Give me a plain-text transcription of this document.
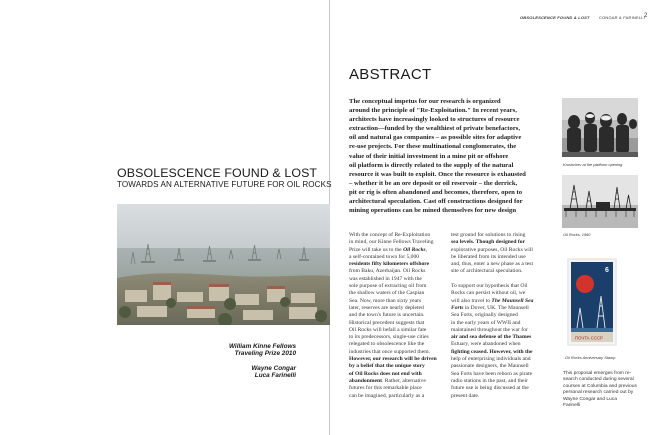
OBSOLESCENCE FOUND & LOST CONGAR & FARINELLI
2
OBSOLESCENCE FOUND & LOST
TOWARDS AN ALTERNATIVE FUTURE FOR OIL ROCKS
William Kinne Fellows
Traveling Prize 2010
Wayne Congar
Luca Farinelli
ABSTRACT
The conceptual impetus for our research is organized
around the principle of "Re-Exploitation." In recent years,
architects have increasingly looked to structures of resource
extraction—funded by the wealthiest of private benefactors,
oil and natural gas companies – as possible sites for adaptive
re-use projects. For these multinational conglomerates, the
value of their initial investment in a mine pit or offshore
oil platform is directly related to the supply of the natural
resource it was built to exploit. Once the resource is exhausted
– whether it be an ore deposit or oil reservoir – the derrick,
pit or rig is often abandoned and becomes, therefore, open to
architectural speculation. Cast off constructions designed for
mining operations can be mined themselves for new design
With the concept of Re-Exploitation
in mind, our Kinne Fellows Traveling
Prize will take us to the Oil Rocks,
a self-contained town for 5,000
residents fifty kilometers offshore
from Baku, Azerbaijan. Oil Rocks
was established in 1947 with the
sole purpose of extracting oil from
the shallow waters of the Caspian
Sea. Now, more than sixty years
later, reserves are nearly depleted
and the town's future is uncertain.
Historical precedent suggests that
Oil Rocks will befall a similar fate
to its predecessors, single-use cities
relegated to obsolescence like the
industries that once supported them.
However, our research will be driven
by a belief that the unique story
of Oil Rocks does not end with
abandonment. Rather, alternative
futures for this remarkable place
can be imagined, particularly as a
test ground for solutions to rising
sea levels. Though designed for
explorative purposes, Oil Rocks will
be liberated from its intended use
and, thus, enter a new phase as a test
site of architectural speculation.
To support our hypothesis that Oil
Rocks can persist without oil, we
will also travel to The Maunsell Sea
Forts in Dover, UK. The Maunsell
Sea Forts, originally designed
in the early years of WWII and
maintained throughout the war for
air and sea defense of the Thames
Estuary, were abandoned when
fighting ceased. However, with the
help of enterprising individuals and
passionate designers, the Maunsell
Sea Forts have been reborn as pirate
radio stations in the past, and their
future use is being discussed at the
present date.
Krushchev at the platform opening
Oil Rocks, 1960
ПОЧТА СССР
6
Oil Rocks Anniversary Stamp
This proposal emerges from re-
search conducted during several
courses at Columbia and previous
personal research carried out by
Wayne Congar and Luca
Farinelli
